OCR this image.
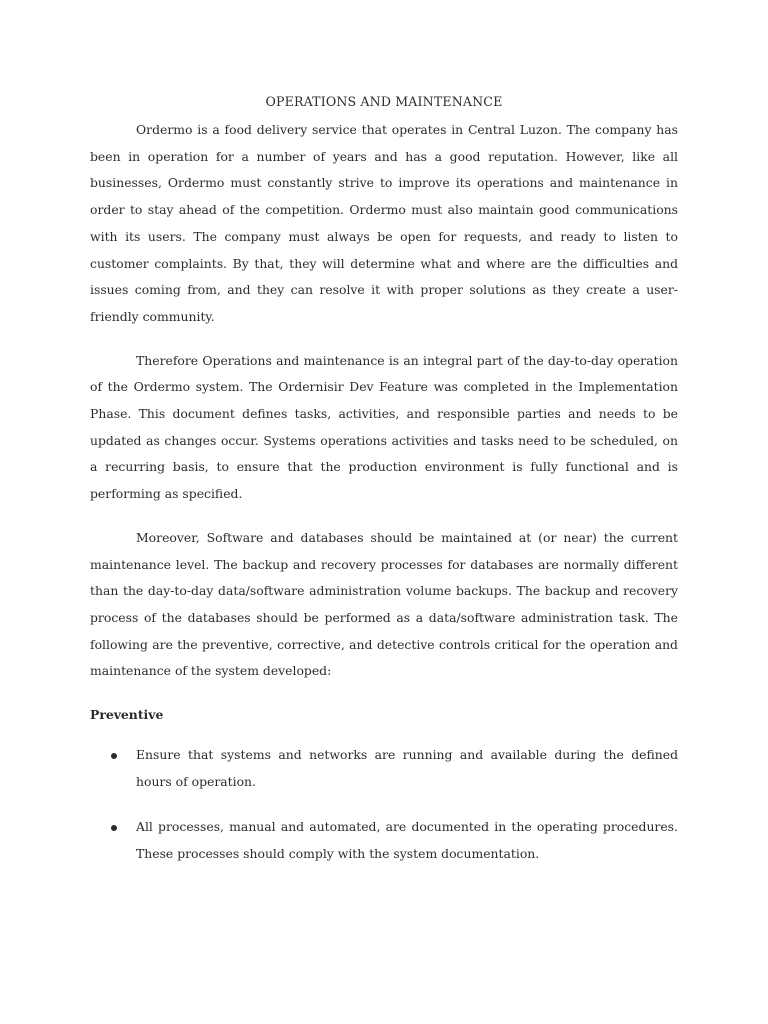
OPERATIONS AND MAINTENANCE

Ordermo is a food delivery service that operates in Central Luzon. The company has been in operation for a number of years and has a good reputation. However, like all businesses, Ordermo must constantly strive to improve its operations and maintenance in order to stay ahead of the competition. Ordermo must also maintain good communications with its users. The company must always be open for requests, and ready to listen to customer complaints. By that, they will determine what and where are the difficulties and issues coming from, and they can resolve it with proper solutions as they create a user-friendly community.

Therefore Operations and maintenance is an integral part of the day-to-day operation of the Ordermo system. The Ordernisir Dev Feature was completed in the Implementation Phase. This document defines tasks, activities, and responsible parties and needs to be updated as changes occur. Systems operations activities and tasks need to be scheduled, on a recurring basis, to ensure that the production environment is fully functional and is performing as specified.

Moreover, Software and databases should be maintained at (or near) the current maintenance level. The backup and recovery processes for databases are normally different than the day-to-day data/software administration volume backups. The backup and recovery process of the databases should be performed as a data/software administration task. The following are the preventive, corrective, and detective controls critical for the operation and maintenance of the system developed:

Preventive
Ensure that systems and networks are running and available during the defined hours of operation.
All processes, manual and automated, are documented in the operating procedures. These processes should comply with the system documentation.
